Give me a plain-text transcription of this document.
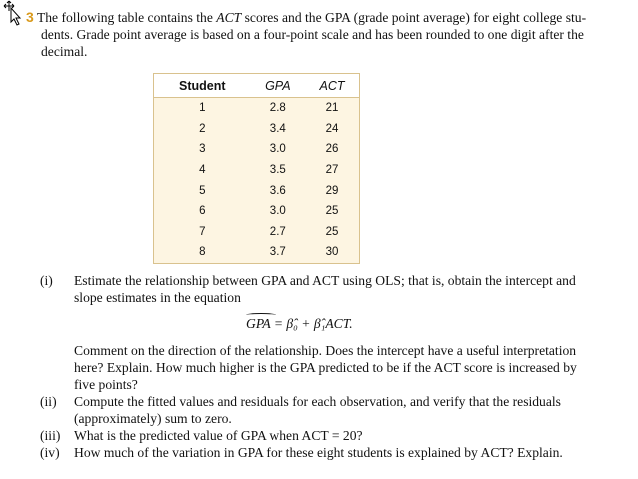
3 The following table contains the ACT scores and the GPA (grade point average) for eight college stu-
dents. Grade point average is based on a four-point scale and has been rounded to one digit after the
decimal.
Student	GPA	ACT
1	2.8	21
2	3.4	24
3	3.0	26
4	3.5	27
5	3.6	29
6	3.0	25
7	2.7	25
8	3.7	30
(i) Estimate the relationship between GPA and ACT using OLS; that is, obtain the intercept and
slope estimates in the equation
GPA = β̂₀ + β̂₁ACT.
Comment on the direction of the relationship. Does the intercept have a useful interpretation
here? Explain. How much higher is the GPA predicted to be if the ACT score is increased by
five points?
(ii) Compute the fitted values and residuals for each observation, and verify that the residuals
(approximately) sum to zero.
(iii) What is the predicted value of GPA when ACT = 20?
(iv) How much of the variation in GPA for these eight students is explained by ACT? Explain.
